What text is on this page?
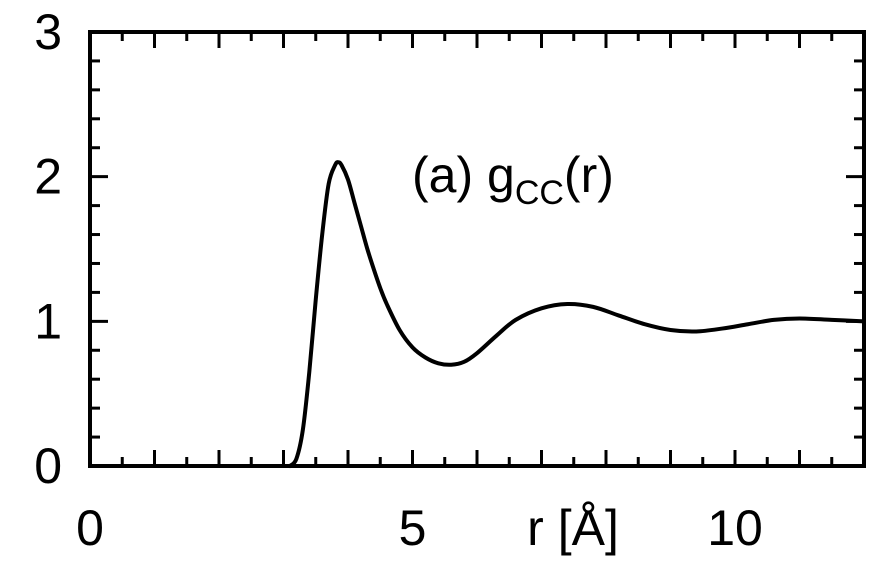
0	5	10
0
1
2
3
(a) $g_{CC}(r)$
r [Å]
